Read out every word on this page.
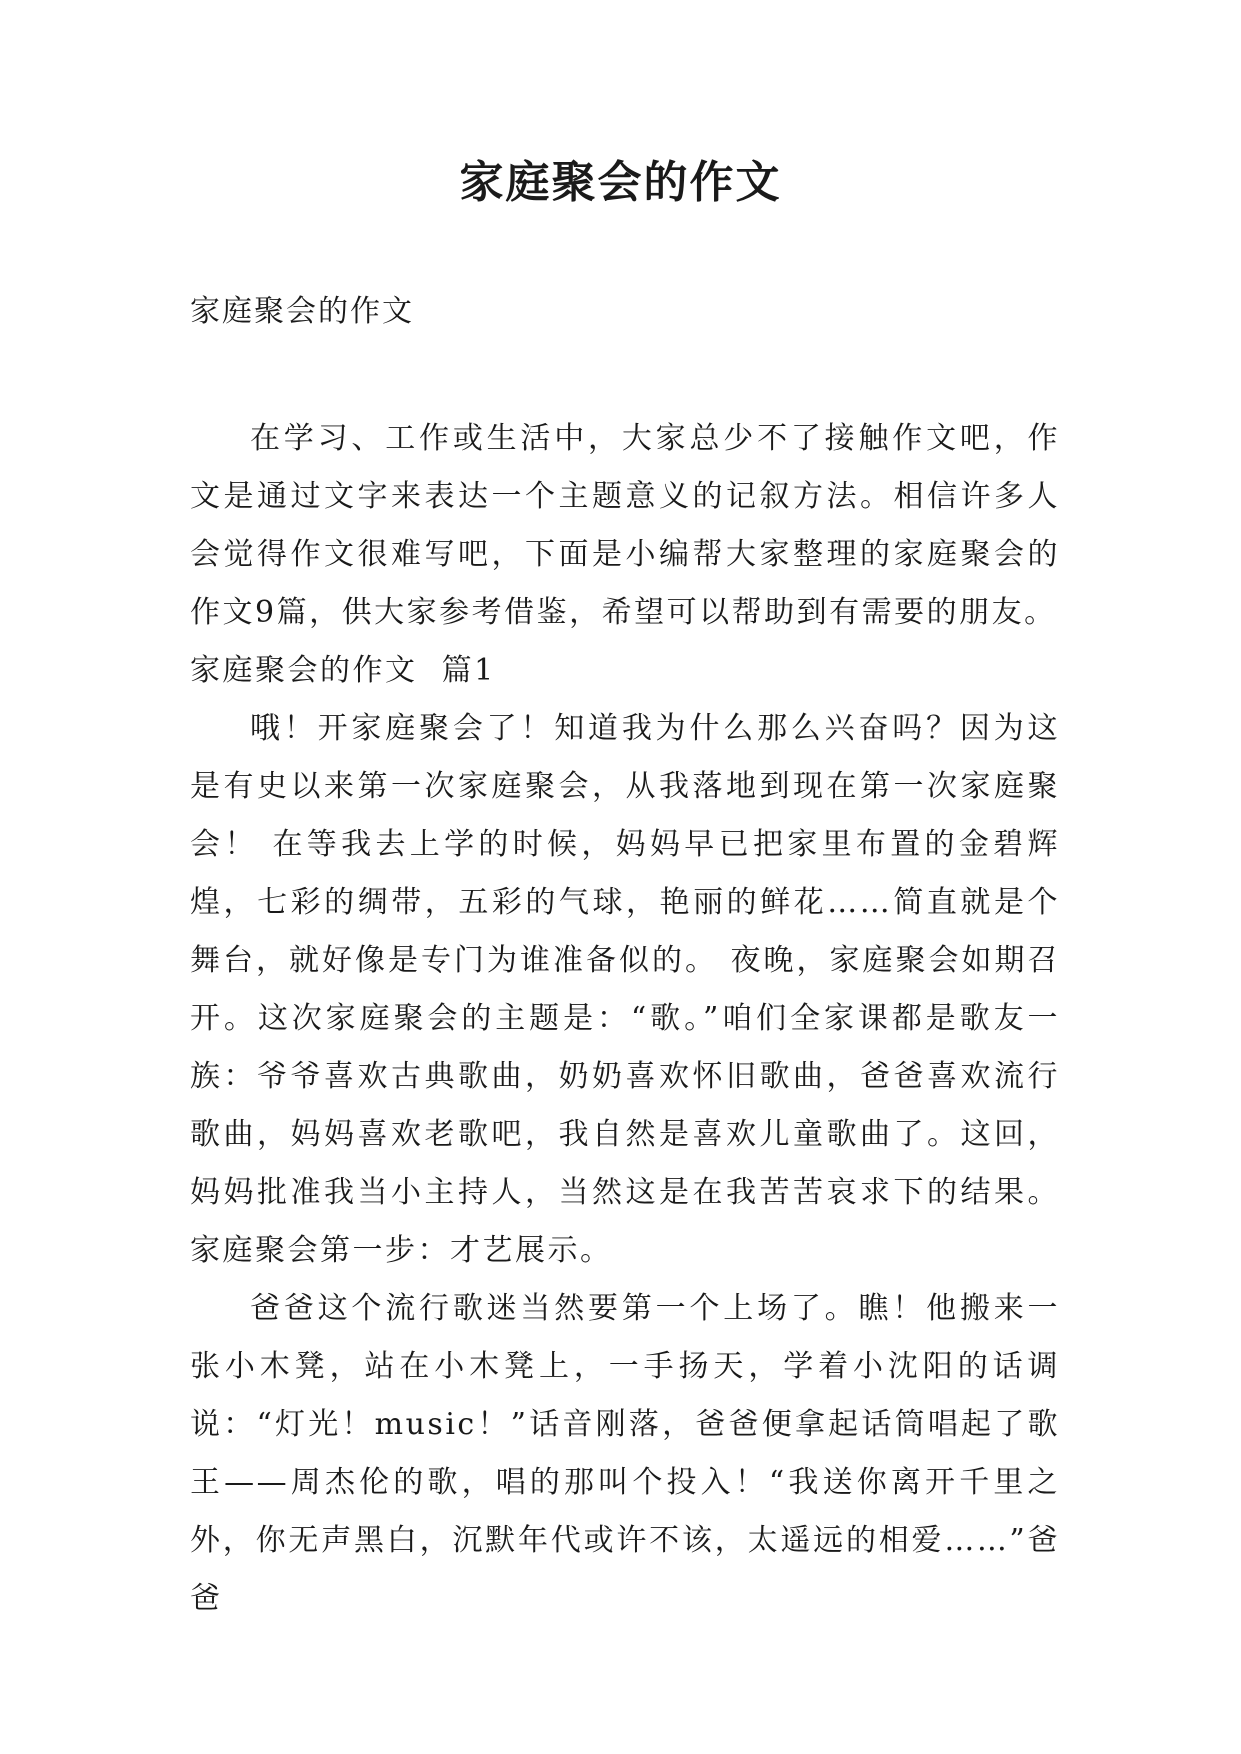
家庭聚会的作文
家庭聚会的作文

在学习、工作或生活中，大家总少不了接触作文吧，作文是通过文字来表达一个主题意义的记叙方法。相信许多人会觉得作文很难写吧，下面是小编帮大家整理的家庭聚会的作文9篇，供大家参考借鉴，希望可以帮助到有需要的朋友。

家庭聚会的作文  篇1

哦！开家庭聚会了！知道我为什么那么兴奋吗？因为这是有史以来第一次家庭聚会，从我落地到现在第一次家庭聚会！ 在等我去上学的时候，妈妈早已把家里布置的金碧辉煌，七彩的绸带，五彩的气球，艳丽的鲜花……简直就是个舞台，就好像是专门为谁准备似的。 夜晚，家庭聚会如期召开。这次家庭聚会的主题是：“歌。”咱们全家课都是歌友一族：爷爷喜欢古典歌曲，奶奶喜欢怀旧歌曲，爸爸喜欢流行歌曲，妈妈喜欢老歌吧，我自然是喜欢儿童歌曲了。这回，妈妈批准我当小主持人，当然这是在我苦苦哀求下的结果。 家庭聚会第一步：才艺展示。

爸爸这个流行歌迷当然要第一个上场了。瞧！他搬来一张小木凳，站在小木凳上，一手扬天，学着小沈阳的话调说：“灯光！music！”话音刚落，爸爸便拿起话筒唱起了歌王——周杰伦的歌，唱的那叫个投入！“我送你离开千里之外，你无声黑白，沉默年代或许不该，太遥远的相爱……”爸爸
